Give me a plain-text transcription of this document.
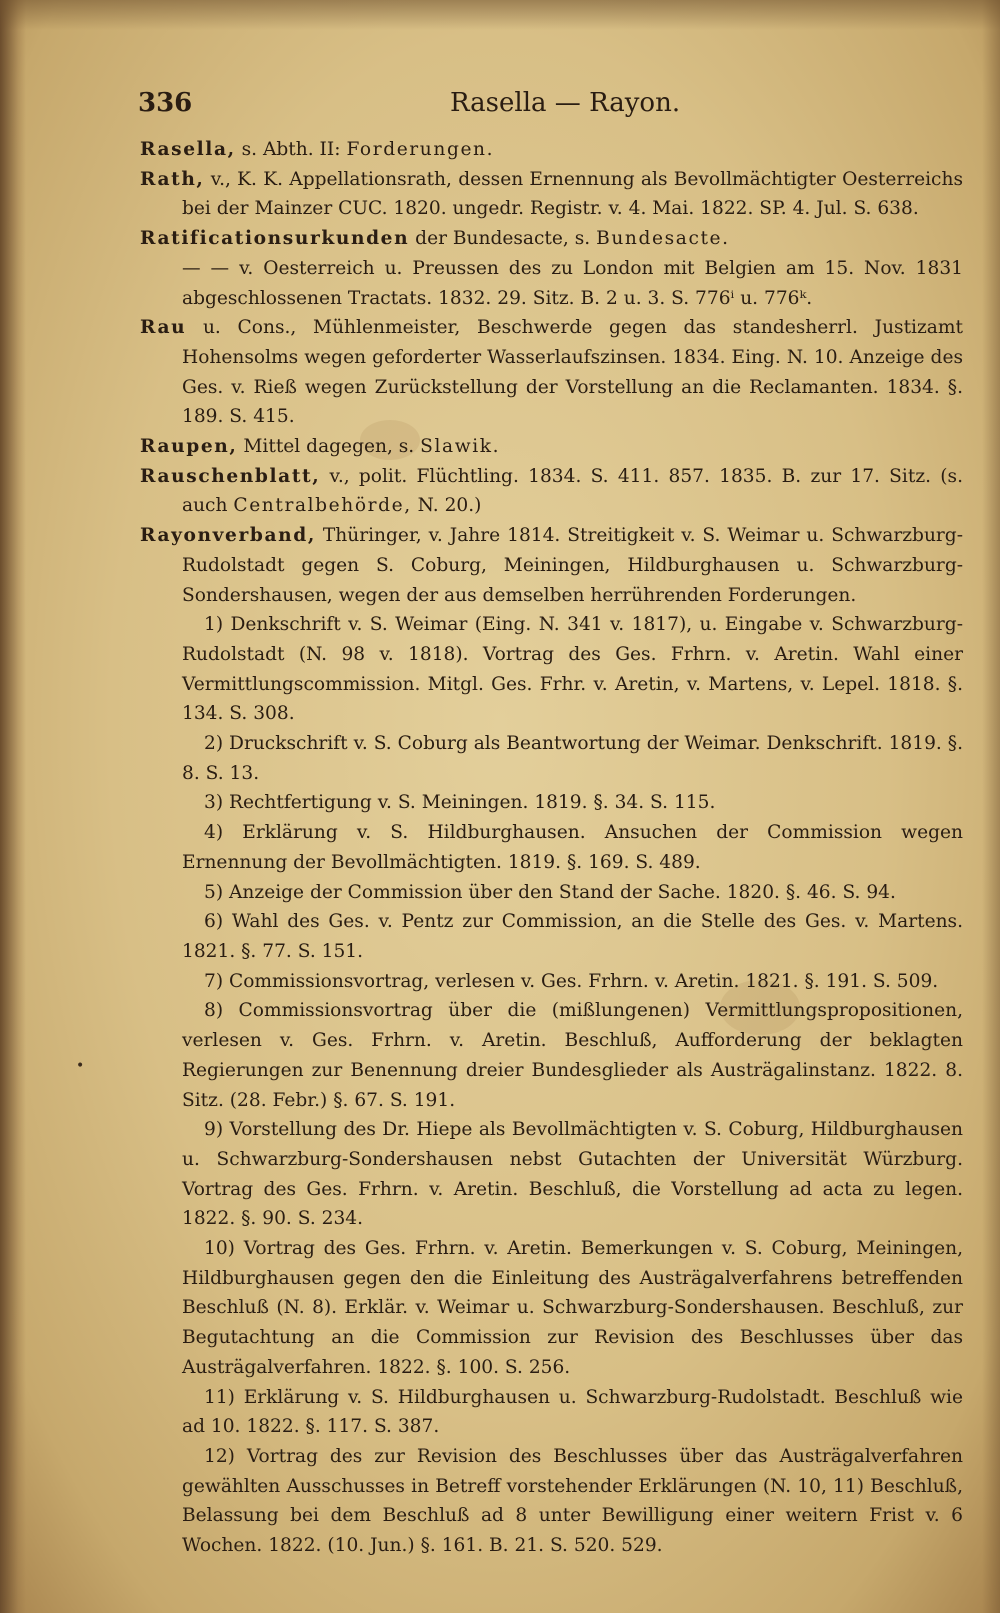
336	Rasella — Rayon.
•

Rasella, s. Abth. II: Forderungen.

Rath, v., K. K. Appellationsrath, dessen Ernennung als Bevollmächtigter Oesterreichs bei der Mainzer CUC. 1820. ungedr. Registr. v. 4. Mai. 1822. SP. 4. Jul. S. 638.

Ratificationsurkunden der Bundesacte, s. Bundesacte.

— — v. Oesterreich u. Preussen des zu London mit Belgien am 15. Nov. 1831 abgeschlossenen Tractats. 1832. 29. Sitz. B. 2 u. 3. S. 776ⁱ u. 776ᵏ.

Rau u. Cons., Mühlenmeister, Beschwerde gegen das standesherrl. Justizamt Hohensolms wegen geforderter Wasserlaufszinsen. 1834. Eing. N. 10. Anzeige des Ges. v. Rieß wegen Zurückstellung der Vorstellung an die Reclamanten. 1834. §. 189. S. 415.

Raupen, Mittel dagegen, s. Slawik.

Rauschenblatt, v., polit. Flüchtling. 1834. S. 411. 857. 1835. B. zur 17. Sitz. (s. auch Centralbehörde, N. 20.)

Rayonverband, Thüringer, v. Jahre 1814. Streitigkeit v. S. Weimar u. Schwarzburg-Rudolstadt gegen S. Coburg, Meiningen, Hildburghausen u. Schwarzburg-Sondershausen, wegen der aus demselben herrührenden Forderungen.

1) Denkschrift v. S. Weimar (Eing. N. 341 v. 1817), u. Eingabe v. Schwarzburg-Rudolstadt (N. 98 v. 1818). Vortrag des Ges. Frhrn. v. Aretin. Wahl einer Vermittlungscommission. Mitgl. Ges. Frhr. v. Aretin, v. Martens, v. Lepel. 1818. §. 134. S. 308.

2) Druckschrift v. S. Coburg als Beantwortung der Weimar. Denkschrift. 1819. §. 8. S. 13.

3) Rechtfertigung v. S. Meiningen. 1819. §. 34. S. 115.

4) Erklärung v. S. Hildburghausen. Ansuchen der Commission wegen Ernennung der Bevollmächtigten. 1819. §. 169. S. 489.

5) Anzeige der Commission über den Stand der Sache. 1820. §. 46. S. 94.

6) Wahl des Ges. v. Pentz zur Commission, an die Stelle des Ges. v. Martens. 1821. §. 77. S. 151.

7) Commissionsvortrag, verlesen v. Ges. Frhrn. v. Aretin. 1821. §. 191. S. 509.

8) Commissionsvortrag über die (mißlungenen) Vermittlungspropositionen, verlesen v. Ges. Frhrn. v. Aretin. Beschluß, Aufforderung der beklagten Regierungen zur Benennung dreier Bundesglieder als Austrägalinstanz. 1822. 8. Sitz. (28. Febr.) §. 67. S. 191.

9) Vorstellung des Dr. Hiepe als Bevollmächtigten v. S. Coburg, Hildburghausen u. Schwarzburg-Sondershausen nebst Gutachten der Universität Würzburg. Vortrag des Ges. Frhrn. v. Aretin. Beschluß, die Vorstellung ad acta zu legen. 1822. §. 90. S. 234.

10) Vortrag des Ges. Frhrn. v. Aretin. Bemerkungen v. S. Coburg, Meiningen, Hildburghausen gegen den die Einleitung des Austrägalverfahrens betreffenden Beschluß (N. 8). Erklär. v. Weimar u. Schwarzburg-Sondershausen. Beschluß, zur Begutachtung an die Commission zur Revision des Beschlusses über das Austrägalverfahren. 1822. §. 100. S. 256.

11) Erklärung v. S. Hildburghausen u. Schwarzburg-Rudolstadt. Beschluß wie ad 10. 1822. §. 117. S. 387.

12) Vortrag des zur Revision des Beschlusses über das Austrägalverfahren gewählten Ausschusses in Betreff vorstehender Erklärungen (N. 10, 11) Beschluß, Belassung bei dem Beschluß ad 8 unter Bewilligung einer weitern Frist v. 6 Wochen. 1822. (10. Jun.) §. 161. B. 21. S. 520. 529.
